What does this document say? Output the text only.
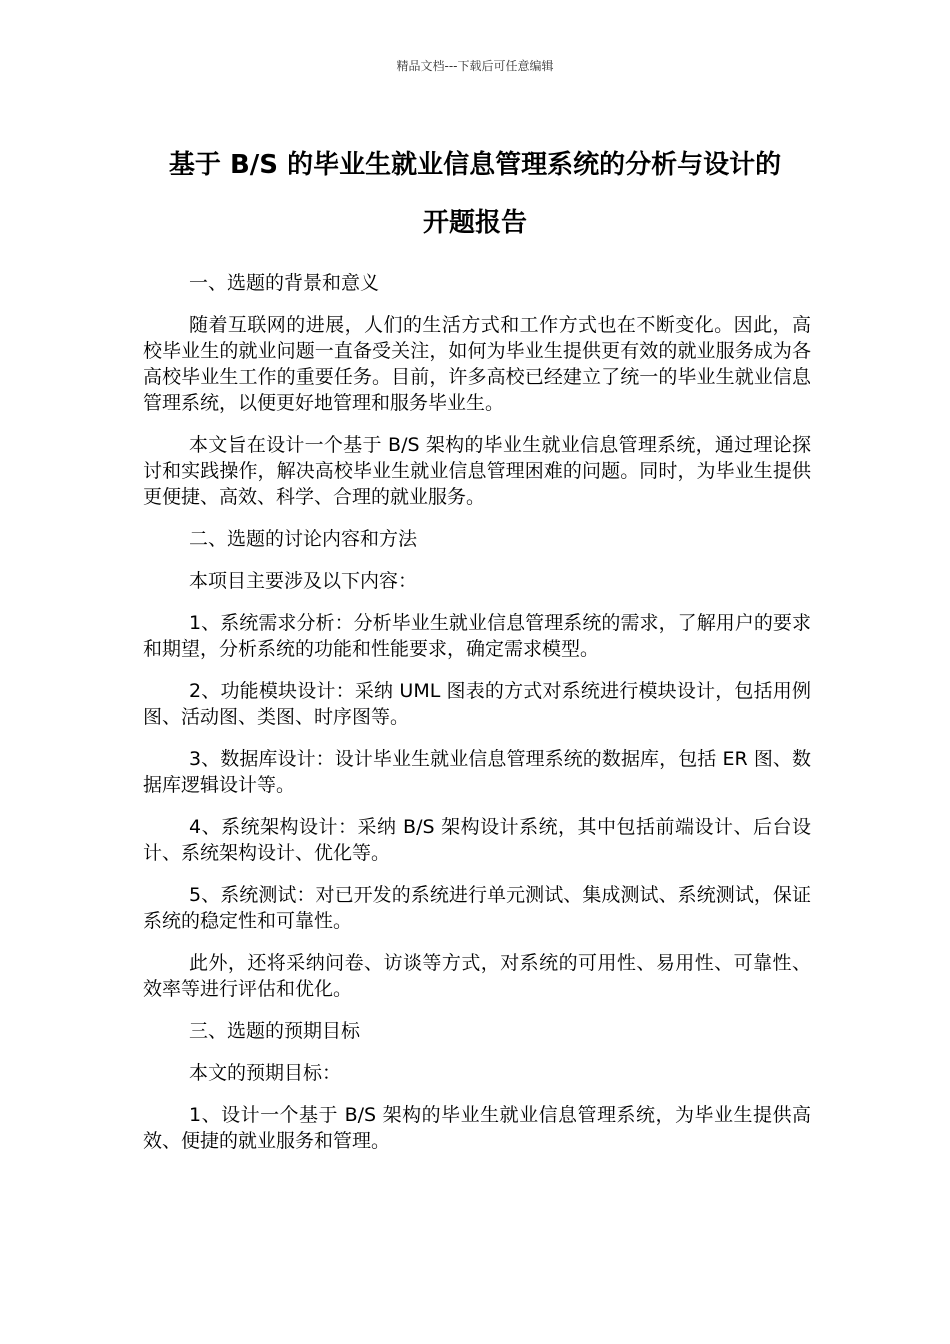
精品文档---下载后可任意编辑
基于 B/S 的毕业生就业信息管理系统的分析与设计的
开题报告

一、选题的背景和意义

随着互联网的进展，人们的生活方式和工作方式也在不断变化。因此，高校毕业生的就业问题一直备受关注，如何为毕业生提供更有效的就业服务成为各高校毕业生工作的重要任务。目前，许多高校已经建立了统一的毕业生就业信息管理系统，以便更好地管理和服务毕业生。

本文旨在设计一个基于 B/S 架构的毕业生就业信息管理系统，通过理论探讨和实践操作，解决高校毕业生就业信息管理困难的问题。同时，为毕业生提供更便捷、高效、科学、合理的就业服务。

二、选题的讨论内容和方法

本项目主要涉及以下内容：

1、系统需求分析：分析毕业生就业信息管理系统的需求，了解用户的要求和期望，分析系统的功能和性能要求，确定需求模型。

2、功能模块设计：采纳 UML 图表的方式对系统进行模块设计，包括用例图、活动图、类图、时序图等。

3、数据库设计：设计毕业生就业信息管理系统的数据库，包括 ER 图、数据库逻辑设计等。

4、系统架构设计：采纳 B/S 架构设计系统，其中包括前端设计、后台设计、系统架构设计、优化等。

5、系统测试：对已开发的系统进行单元测试、集成测试、系统测试，保证系统的稳定性和可靠性。

此外，还将采纳问卷、访谈等方式，对系统的可用性、易用性、可靠性、效率等进行评估和优化。

三、选题的预期目标

本文的预期目标：

1、设计一个基于 B/S 架构的毕业生就业信息管理系统，为毕业生提供高效、便捷的就业服务和管理。
